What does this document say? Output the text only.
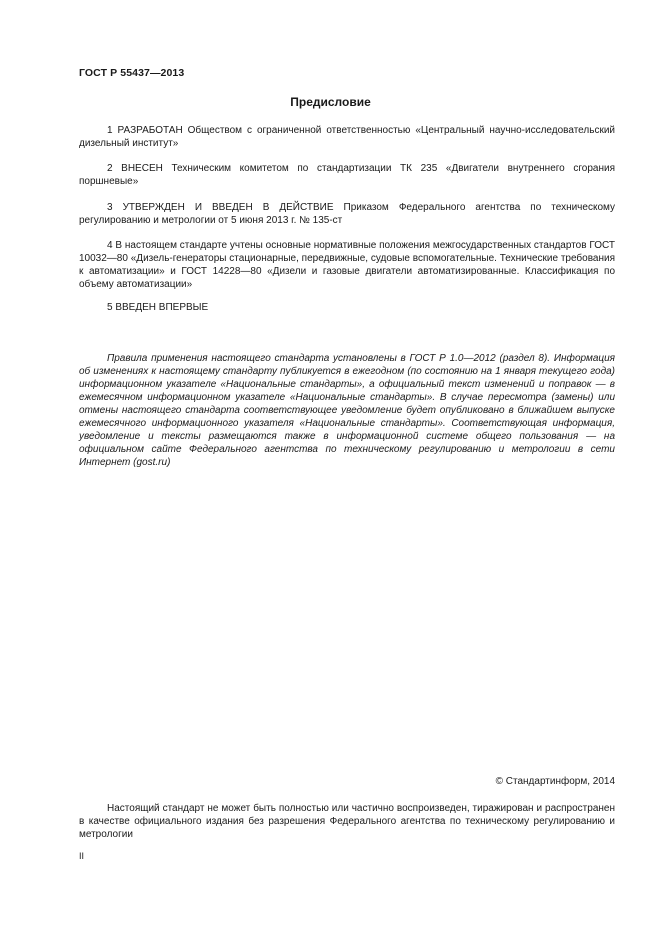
ГОСТ Р 55437—2013
Предисловие
1 РАЗРАБОТАН Обществом с ограниченной ответственностью «Центральный научно-исследовательский дизельный институт»
2 ВНЕСЕН Техническим комитетом по стандартизации ТК 235 «Двигатели внутреннего сгорания поршневые»
3 УТВЕРЖДЕН И ВВЕДЕН В ДЕЙСТВИЕ Приказом Федерального агентства по техническому регулированию и метрологии от 5 июня 2013 г. № 135-ст
4 В настоящем стандарте учтены основные нормативные положения межгосударственных стандартов ГОСТ 10032—80 «Дизель-генераторы стационарные, передвижные, судовые вспомогательные. Технические требования к автоматизации» и ГОСТ 14228—80 «Дизели и газовые двигатели автоматизированные. Классификация по объему автоматизации»
5 ВВЕДЕН ВПЕРВЫЕ
Правила применения настоящего стандарта установлены в ГОСТ Р 1.0—2012 (раздел 8). Информация об изменениях к настоящему стандарту публикуется в ежегодном (по состоянию на 1 января текущего года) информационном указателе «Национальные стандарты», а официальный текст изменений и поправок — в ежемесячном информационном указателе «Национальные стандарты». В случае пересмотра (замены) или отмены настоящего стандарта соответствующее уведомление будет опубликовано в ближайшем выпуске ежемесячного информационного указателя «Национальные стандарты». Соответствующая информация, уведомление и тексты размещаются также в информационной системе общего пользования — на официальном сайте Федерального агентства по техническому регулированию и метрологии в сети Интернет (gost.ru)
© Стандартинформ, 2014
Настоящий стандарт не может быть полностью или частично воспроизведен, тиражирован и распространен в качестве официального издания без разрешения Федерального агентства по техническому регулированию и метрологии
II
